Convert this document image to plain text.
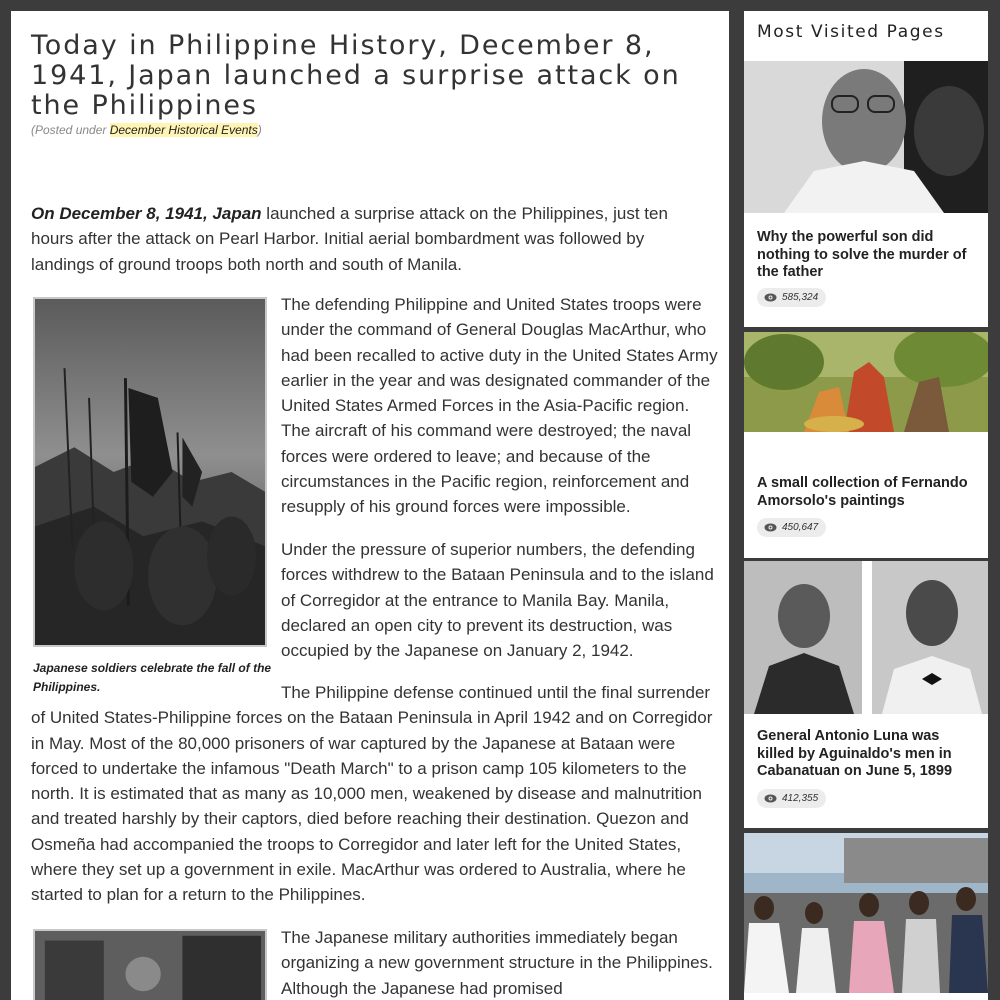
Today in Philippine History, December 8, 1941, Japan launched a surprise attack on the Philippines
(Posted under December Historical Events)

On December 8, 1941, Japan launched a surprise attack on the Philippines, just ten hours after the attack on Pearl Harbor. Initial aerial bombardment was followed by landings of ground troops both north and south of Manila.

Japanese soldiers celebrate the fall of the Philippines.

The defending Philippine and United States troops were under the command of General Douglas MacArthur, who had been recalled to active duty in the United States Army earlier in the year and was designated commander of the United States Armed Forces in the Asia-Pacific region. The aircraft of his command were destroyed; the naval forces were ordered to leave; and because of the circumstances in the Pacific region, reinforcement and resupply of his ground forces were impossible.

Under the pressure of superior numbers, the defending forces withdrew to the Bataan Peninsula and to the island of Corregidor at the entrance to Manila Bay. Manila, declared an open city to prevent its destruction, was occupied by the Japanese on January 2, 1942.

The Philippine defense continued until the final surrender of United States-Philippine forces on the Bataan Peninsula in April 1942 and on Corregidor in May. Most of the 80,000 prisoners of war captured by the Japanese at Bataan were forced to undertake the infamous "Death March" to a prison camp 105 kilometers to the north. It is estimated that as many as 10,000 men, weakened by disease and malnutrition and treated harshly by their captors, died before reaching their destination. Quezon and Osmeña had accompanied the troops to Corregidor and later left for the United States, where they set up a government in exile. MacArthur was ordered to Australia, where he started to plan for a return to the Philippines.

The Japanese military authorities immediately began organizing a new government structure in the Philippines. Although the Japanese had promised

Most Visited Pages
Why the powerful son did nothing to solve the murder of the father
585,324
A small collection of Fernando Amorsolo's paintings
450,647
General Antonio Luna was killed by Aguinaldo's men in Cabanatuan on June 5, 1899
412,355
